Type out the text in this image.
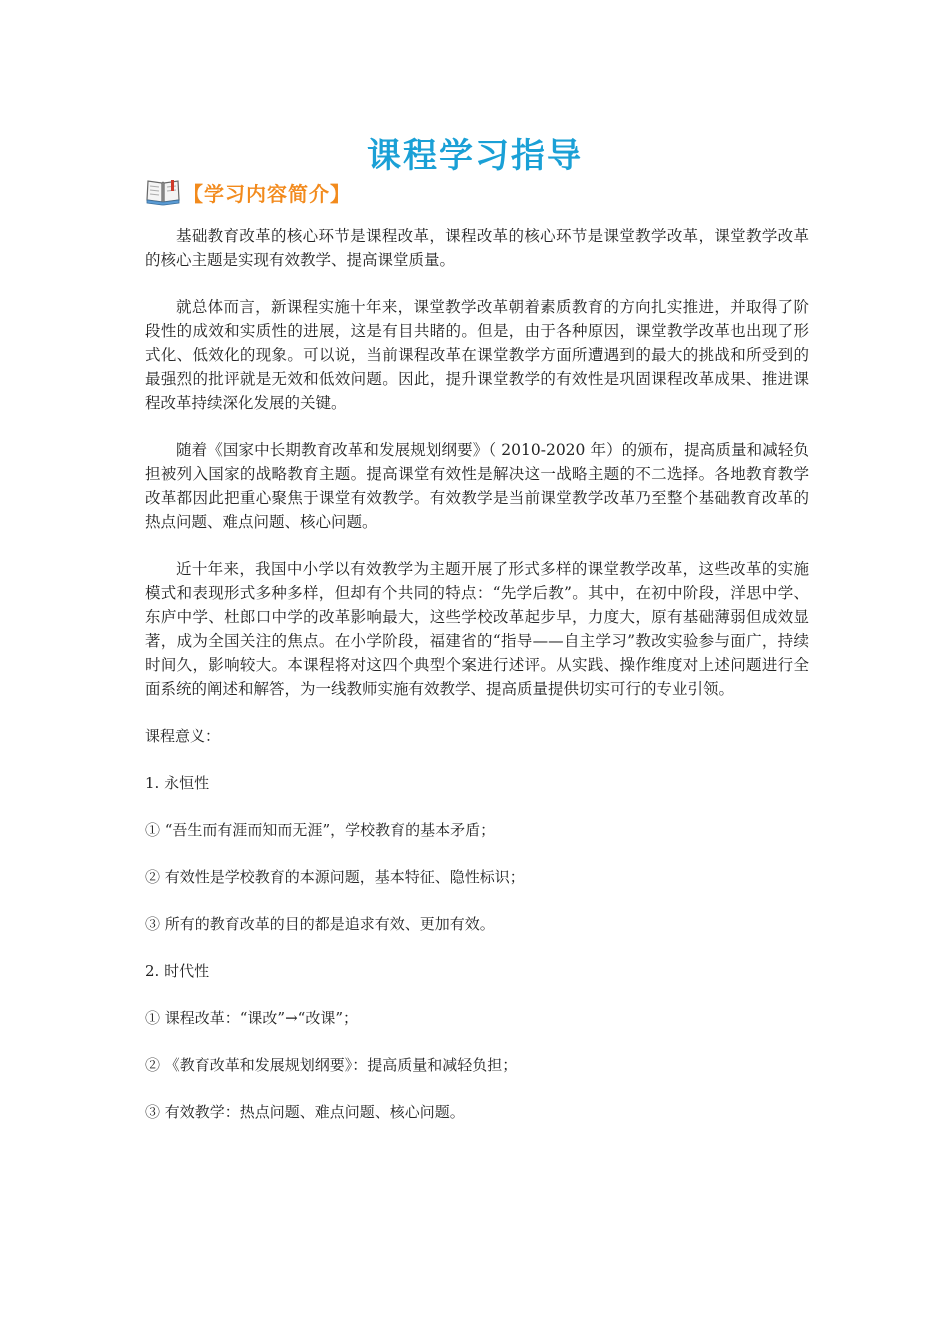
课程学习指导
【学习内容简介】

基础教育改革的核心环节是课程改革，课程改革的核心环节是课堂教学改革，课堂教学改革的核心主题是实现有效教学、提高课堂质量。

就总体而言，新课程实施十年来，课堂教学改革朝着素质教育的方向扎实推进，并取得了阶段性的成效和实质性的进展，这是有目共睹的。但是，由于各种原因，课堂教学改革也出现了形式化、低效化的现象。可以说，当前课程改革在课堂教学方面所遭遇到的最大的挑战和所受到的最强烈的批评就是无效和低效问题。因此，提升课堂教学的有效性是巩固课程改革成果、推进课程改革持续深化发展的关键。

随着《国家中长期教育改革和发展规划纲要》（ 2010-2020 年）的颁布，提高质量和减轻负担被列入国家的战略教育主题。提高课堂有效性是解决这一战略主题的不二选择。各地教育教学改革都因此把重心聚焦于课堂有效教学。有效教学是当前课堂教学改革乃至整个基础教育改革的热点问题、难点问题、核心问题。

近十年来，我国中小学以有效教学为主题开展了形式多样的课堂教学改革，这些改革的实施模式和表现形式多种多样，但却有个共同的特点：“先学后教”。其中，在初中阶段，洋思中学、东庐中学、杜郎口中学的改革影响最大，这些学校改革起步早，力度大，原有基础薄弱但成效显著，成为全国关注的焦点。在小学阶段，福建省的“指导——自主学习”教改实验参与面广，持续时间久，影响较大。本课程将对这四个典型个案进行述评。从实践、操作维度对上述问题进行全面系统的阐述和解答，为一线教师实施有效教学、提高质量提供切实可行的专业引领。

课程意义：

1. 永恒性

① “吾生而有涯而知而无涯”，学校教育的基本矛盾；

② 有效性是学校教育的本源问题，基本特征、隐性标识；

③ 所有的教育改革的目的都是追求有效、更加有效。

2. 时代性

① 课程改革：“课改”→“改课”；

② 《教育改革和发展规划纲要》：提高质量和减轻负担；

③ 有效教学：热点问题、难点问题、核心问题。
